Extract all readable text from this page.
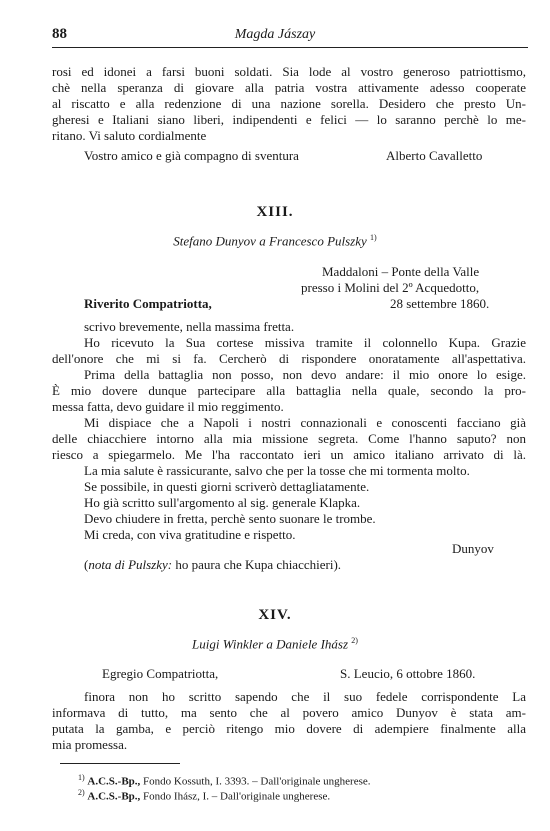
88	Magda Jászay
rosi ed idonei a farsi buoni soldati. Sia lode al vostro generoso patriottismo,
chè nella speranza di giovare alla patria vostra attivamente adesso cooperate
al riscatto e alla redenzione di una nazione sorella. Desidero che presto Un-
gheresi e Italiani siano liberi, indipendenti e felici — lo saranno perchè lo me-
ritano. Vi saluto cordialmente
Vostro amico e già compagno di sventura	Alberto Cavalletto
XIII.
Stefano Dunyov a Francesco Pulszky $^{1)}$
Maddaloni – Ponte della Valle
presso i Molini del 2º Acquedotto,
Riverito Compatriotta,	28 settembre 1860.
scrivo brevemente, nella massima fretta.
Ho ricevuto la Sua cortese missiva tramite il colonnello Kupa. Grazie
dell'onore che mi si fa. Cercherò di rispondere onoratamente all'aspettativa.
Prima della battaglia non posso, non devo andare: il mio onore lo esige.
È mio dovere dunque partecipare alla battaglia nella quale, secondo la pro-
messa fatta, devo guidare il mio reggimento.
Mi dispiace che a Napoli i nostri connazionali e conoscenti facciano già
delle chiacchiere intorno alla mia missione segreta. Come l'hanno saputo? non
riesco a spiegarmelo. Me l'ha raccontato ieri un amico italiano arrivato di là.
La mia salute è rassicurante, salvo che per la tosse che mi tormenta molto.
Se possibile, in questi giorni scriverò dettagliatamente.
Ho già scritto sull'argomento al sig. generale Klapka.
Devo chiudere in fretta, perchè sento suonare le trombe.
Mi creda, con viva gratitudine e rispetto.
Dunyov
(nota di Pulszky: ho paura che Kupa chiacchieri).
XIV.
Luigi Winkler a Daniele Ihász $^{2)}$
Egregio Compatriotta,	S. Leucio, 6 ottobre 1860.
finora non ho scritto sapendo che il suo fedele corrispondente La
informava di tutto, ma sento che al povero amico Dunyov è stata am-
putata la gamba, e perciò ritengo mio dovere di adempiere finalmente alla
mia promessa.
$^{1)}$ A.C.S.-Bp., Fondo Kossuth, I. 3393. – Dall'originale ungherese.
$^{2)}$ A.C.S.-Bp., Fondo Ihász, I. – Dall'originale ungherese.
